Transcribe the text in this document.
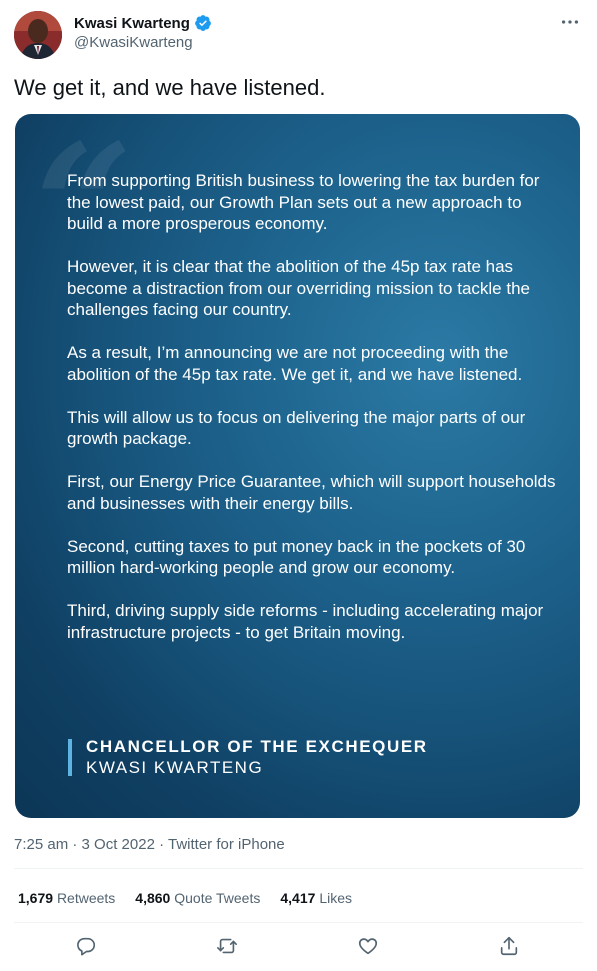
Kwasi Kwarteng
@KwasiKwarteng
We get it, and we have listened.
“

From supporting British business to lowering the tax burden for the lowest paid, our Growth Plan sets out a new approach to build a more prosperous economy.

However, it is clear that the abolition of the 45p tax rate has become a distraction from our overriding mission to tackle the challenges facing our country.

As a result, I’m announcing we are not proceeding with the abolition of the 45p tax rate. We get it, and we have listened.

This will allow us to focus on delivering the major parts of our growth package.

First, our Energy Price Guarantee, which will support households and businesses with their energy bills.

Second, cutting taxes to put money back in the pockets of 30 million hard-working people and grow our economy.

Third, driving supply side reforms - including accelerating major infrastructure projects - to get Britain moving.

CHANCELLOR OF THE EXCHEQUER
KWASI KWARTENG
7:25 am · 3 Oct 2022 · Twitter for iPhone
1,679 Retweets 4,860 Quote Tweets 4,417 Likes
